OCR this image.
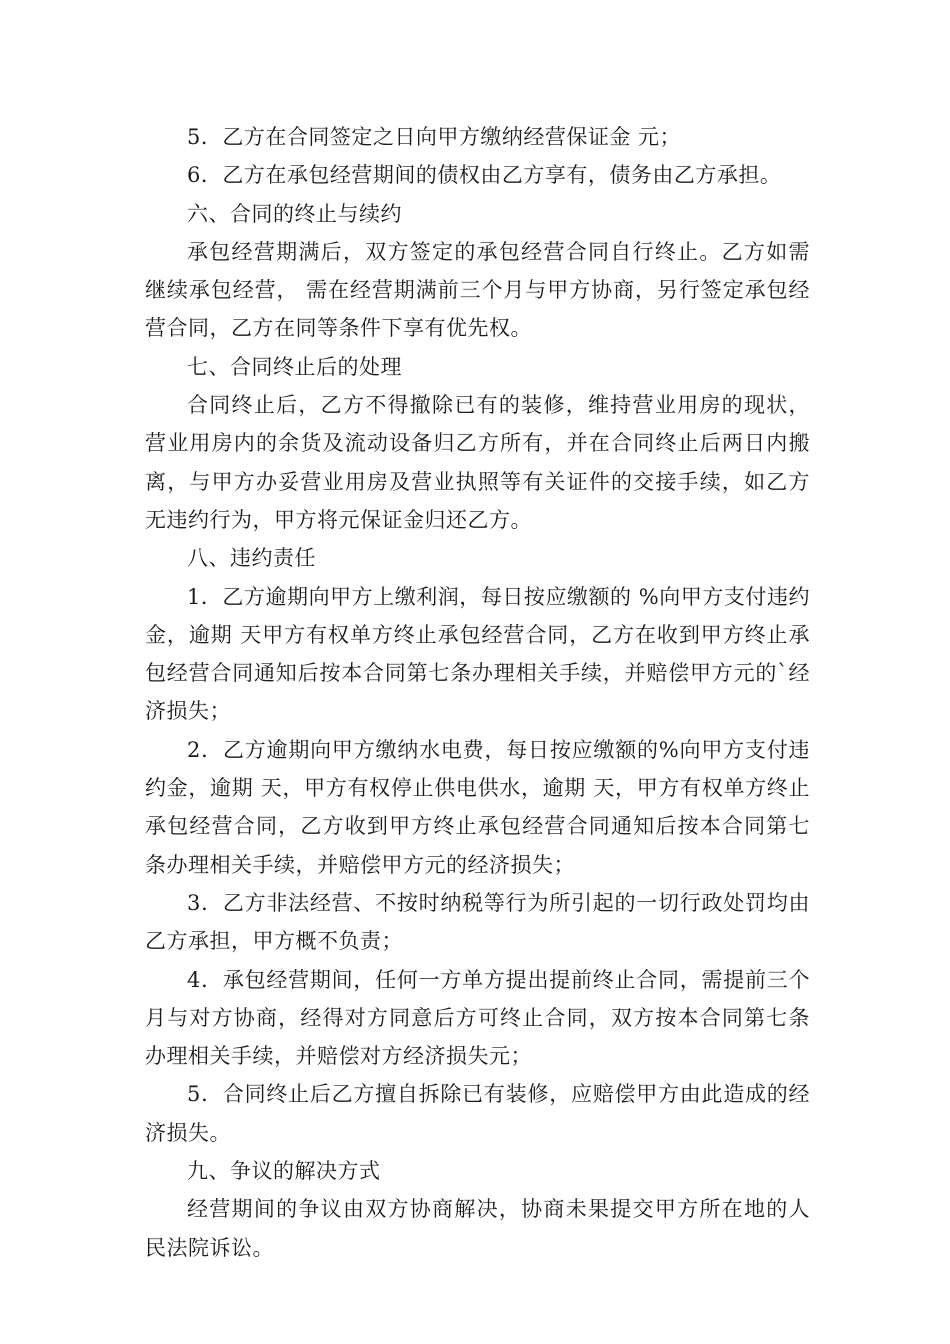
5．乙方在合同签定之日向甲方缴纳经营保证金 元；

6．乙方在承包经营期间的债权由乙方享有，债务由乙方承担。

六、合同的终止与续约

承包经营期满后，双方签定的承包经营合同自行终止。乙方如需继续承包经营， 需在经营期满前三个月与甲方协商，另行签定承包经营合同，乙方在同等条件下享有优先权。

七、合同终止后的处理

合同终止后，乙方不得撤除已有的装修，维持营业用房的现状，营业用房内的余货及流动设备归乙方所有，并在合同终止后两日内搬离，与甲方办妥营业用房及营业执照等有关证件的交接手续，如乙方无违约行为，甲方将元保证金归还乙方。

八、违约责任

1．乙方逾期向甲方上缴利润，每日按应缴额的 %向甲方支付违约金，逾期 天甲方有权单方终止承包经营合同，乙方在收到甲方终止承包经营合同通知后按本合同第七条办理相关手续，并赔偿甲方元的`经济损失；

2．乙方逾期向甲方缴纳水电费，每日按应缴额的%向甲方支付违约金，逾期 天，甲方有权停止供电供水，逾期 天，甲方有权单方终止承包经营合同，乙方收到甲方终止承包经营合同通知后按本合同第七条办理相关手续，并赔偿甲方元的经济损失；

3．乙方非法经营、不按时纳税等行为所引起的一切行政处罚均由乙方承担，甲方概不负责；

4．承包经营期间，任何一方单方提出提前终止合同，需提前三个月与对方协商，经得对方同意后方可终止合同，双方按本合同第七条办理相关手续，并赔偿对方经济损失元；

5．合同终止后乙方擅自拆除已有装修，应赔偿甲方由此造成的经济损失。

九、争议的解决方式

经营期间的争议由双方协商解决，协商未果提交甲方所在地的人民法院诉讼。
